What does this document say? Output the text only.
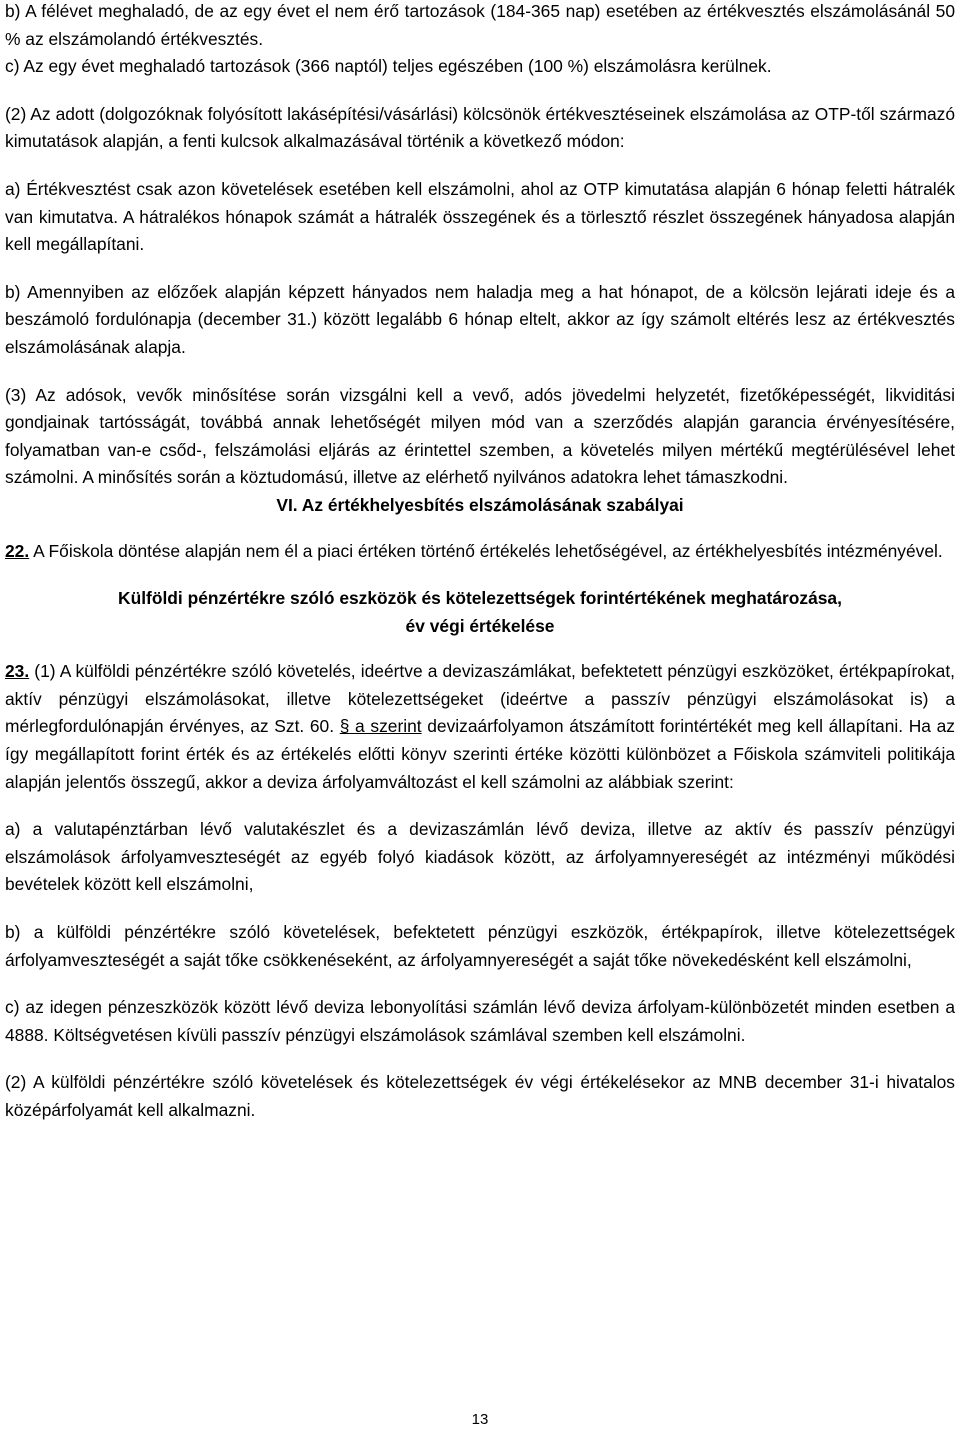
b) A félévet meghaladó, de az egy évet el nem érő tartozások (184-365 nap) esetében az értékvesztés elszámolásánál 50 % az elszámolandó értékvesztés.

c) Az egy évet meghaladó tartozások (366 naptól) teljes egészében (100 %) elszámolásra kerülnek.

(2) Az adott (dolgozóknak folyósított lakásépítési/vásárlási) kölcsönök értékvesztéseinek elszámolása az OTP-től származó kimutatások alapján, a fenti kulcsok alkalmazásával történik a következő módon:

a) Értékvesztést csak azon követelések esetében kell elszámolni, ahol az OTP kimutatása alapján 6 hónap feletti hátralék van kimutatva. A hátralékos hónapok számát a hátralék összegének és a törlesztő részlet összegének hányadosa alapján kell megállapítani.

b) Amennyiben az előzőek alapján képzett hányados nem haladja meg a hat hónapot, de a kölcsön lejárati ideje és a beszámoló fordulónapja (december 31.) között legalább 6 hónap eltelt, akkor az így számolt eltérés lesz az értékvesztés elszámolásának alapja.

(3) Az adósok, vevők minősítése során vizsgálni kell a vevő, adós jövedelmi helyzetét, fizetőképességét, likviditási gondjainak tartósságát, továbbá annak lehetőségét milyen mód van a szerződés alapján garancia érvényesítésére, folyamatban van-e csőd-, felszámolási eljárás az érintettel szemben, a követelés milyen mértékű megtérülésével lehet számolni. A minősítés során a köztudomású, illetve az elérhető nyilvános adatokra lehet támaszkodni.

VI. Az értékhelyesbítés elszámolásának szabályai

22. A Főiskola döntése alapján nem él a piaci értéken történő értékelés lehetőségével, az értékhelyesbítés intézményével.

Külföldi pénzértékre szóló eszközök és kötelezettségek forintértékének meghatározása,

év végi értékelése

23. (1) A külföldi pénzértékre szóló követelés, ideértve a devizaszámlákat, befektetett pénzügyi eszközöket, értékpapírokat, aktív pénzügyi elszámolásokat, illetve kötelezettségeket (ideértve a passzív pénzügyi elszámolásokat is) a mérlegfordulónapján érvényes, az Szt. 60. § a szerint devizaárfolyamon átszámított forintértékét meg kell állapítani. Ha az így megállapított forint érték és az értékelés előtti könyv szerinti értéke közötti különbözet a Főiskola számviteli politikája alapján jelentős összegű, akkor a deviza árfolyamváltozást el kell számolni az alábbiak szerint:

a) a valutapénztárban lévő valutakészlet és a devizaszámlán lévő deviza, illetve az aktív és passzív pénzügyi elszámolások árfolyamveszteségét az egyéb folyó kiadások között, az árfolyamnyereségét az intézményi működési bevételek között kell elszámolni,

b) a külföldi pénzértékre szóló követelések, befektetett pénzügyi eszközök, értékpapírok, illetve kötelezettségek árfolyamveszteségét a saját tőke csökkenéseként, az árfolyamnyereségét a saját tőke növekedésként kell elszámolni,

c) az idegen pénzeszközök között lévő deviza lebonyolítási számlán lévő deviza árfolyam-különbözetét minden esetben a 4888. Költségvetésen kívüli passzív pénzügyi elszámolások számlával szemben kell elszámolni.

(2) A külföldi pénzértékre szóló követelések és kötelezettségek év végi értékelésekor az MNB december 31-i hivatalos középárfolyamát kell alkalmazni.

13
